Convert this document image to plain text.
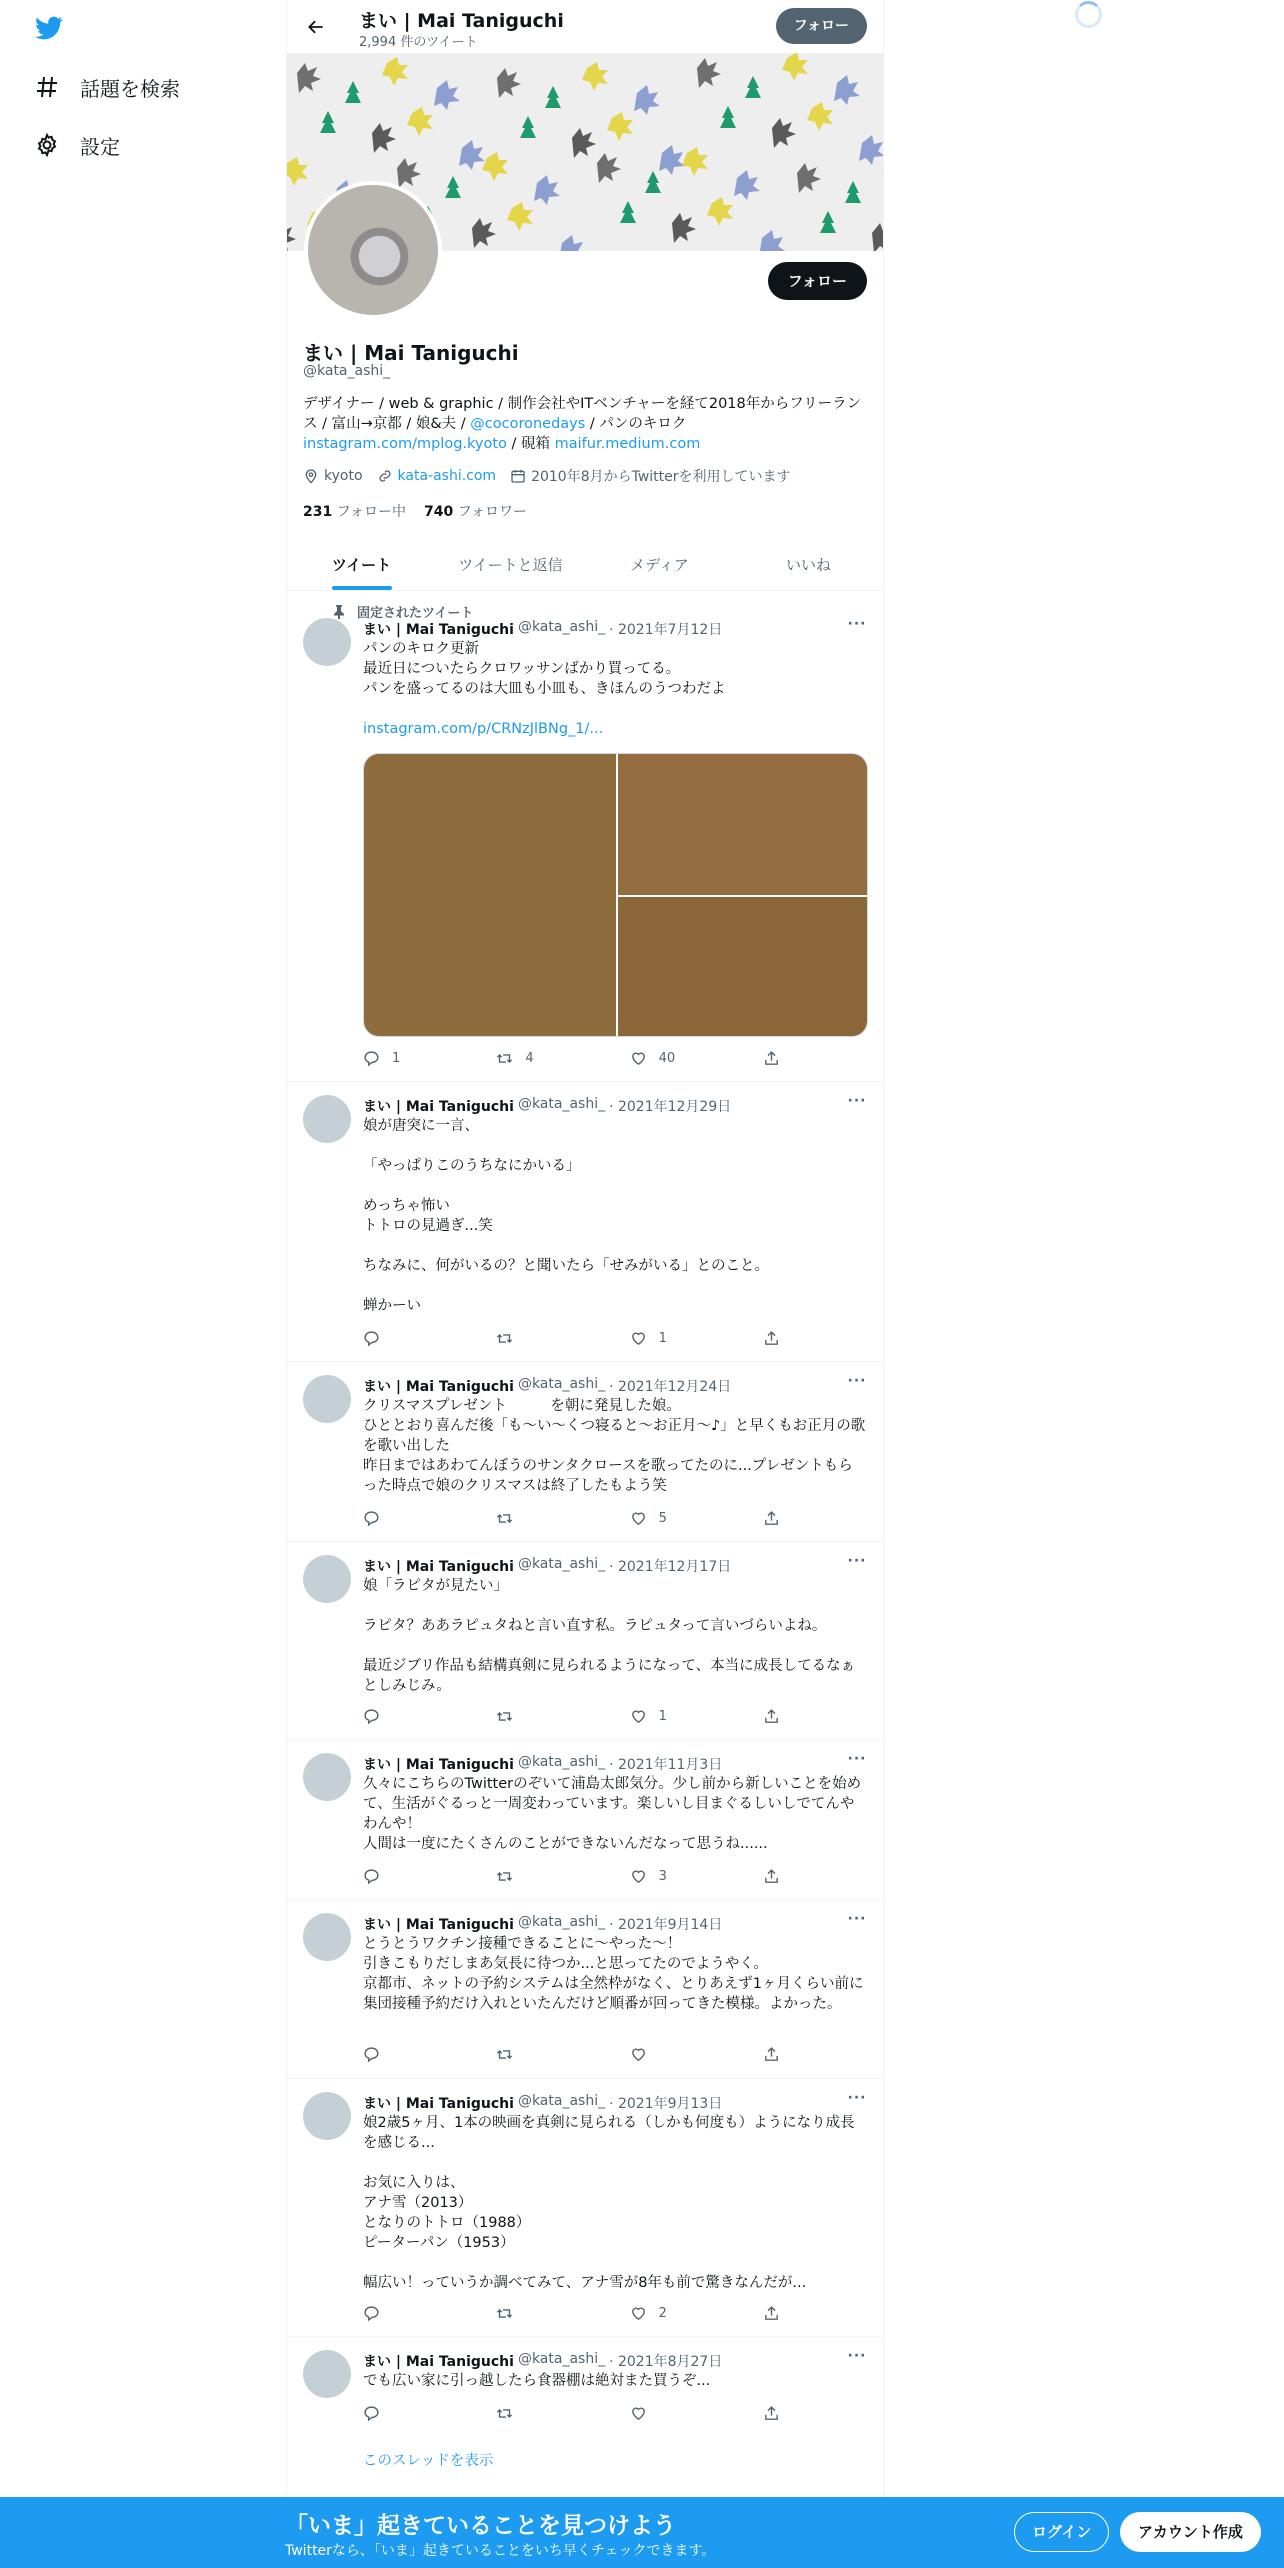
話題を検索
設定
まい | Mai Taniguchi
2,994 件のツイート
フォロー
フォロー
まい | Mai Taniguchi
@kata_ashi_
デザイナー / web & graphic / 制作会社やITベンチャーを経て2018年からフリーランス / 富山→京都 / 娘&夫 / @cocoronedays / パンのキロク
instagram.com/mplog.kyoto / 硯箱 maifur.medium.com
kyoto	kata-ashi.com	2010年8月からTwitterを利用しています
231 フォロー中 740 フォロワー
ツイート	ツイートと返信	メディア	いいね
固定されたツイート
まい | Mai Taniguchi @kata_ashi_ · 2021年7月12日	···
パンのキロク更新
最近日についたらクロワッサンばかり買ってる。
パンを盛ってるのは大皿も小皿も、きほんのうつわだよ
instagram.com/p/CRNzJlBNg_1/...
1	4	40
まい | Mai Taniguchi @kata_ashi_ · 2021年12月29日	···
娘が唐突に一言、

「やっぱりこのうちなにかいる」

めっちゃ怖い
トトロの見過ぎ...笑

ちなみに、何がいるの？と聞いたら「せみがいる」とのこと。

蝉かーい
1
まい | Mai Taniguchi @kata_ashi_ · 2021年12月24日	···
クリスマスプレゼント　　　を朝に発見した娘。
ひととおり喜んだ後「も〜い〜くつ寝ると〜お正月〜♪」と早くもお正月の歌を歌い出した
昨日まではあわてんぼうのサンタクロースを歌ってたのに...プレゼントもらった時点で娘のクリスマスは終了したもよう笑
5
まい | Mai Taniguchi @kata_ashi_ · 2021年12月17日	···
娘「ラピタが見たい」

ラピタ？ああラピュタねと言い直す私。ラピュタって言いづらいよね。

最近ジブリ作品も結構真剣に見られるようになって、本当に成長してるなぁとしみじみ。
1
まい | Mai Taniguchi @kata_ashi_ · 2021年11月3日	···
久々にこちらのTwitterのぞいて浦島太郎気分。少し前から新しいことを始めて、生活がぐるっと一周変わっています。楽しいし目まぐるしいしでてんやわんや！
人間は一度にたくさんのことができないんだなって思うね......
3
まい | Mai Taniguchi @kata_ashi_ · 2021年9月14日	···
とうとうワクチン接種できることに〜やった〜！
引きこもりだしまあ気長に待つか...と思ってたのでようやく。
京都市、ネットの予約システムは全然枠がなく、とりあえず1ヶ月くらい前に集団接種予約だけ入れといたんだけど順番が回ってきた模様。よかった。
まい | Mai Taniguchi @kata_ashi_ · 2021年9月13日	···
娘2歳5ヶ月、1本の映画を真剣に見られる（しかも何度も）ようになり成長を感じる...

お気に入りは、
アナ雪（2013）
となりのトトロ（1988）
ピーターパン（1953）

幅広い！っていうか調べてみて、アナ雪が8年も前で驚きなんだが...
2
まい | Mai Taniguchi @kata_ashi_ · 2021年8月27日	···
でも広い家に引っ越したら食器棚は絶対また買うぞ...
このスレッドを表示
「いま」起きていることを見つけよう
Twitterなら、「いま」起きていることをいち早くチェックできます。
ログイン	アカウント作成
